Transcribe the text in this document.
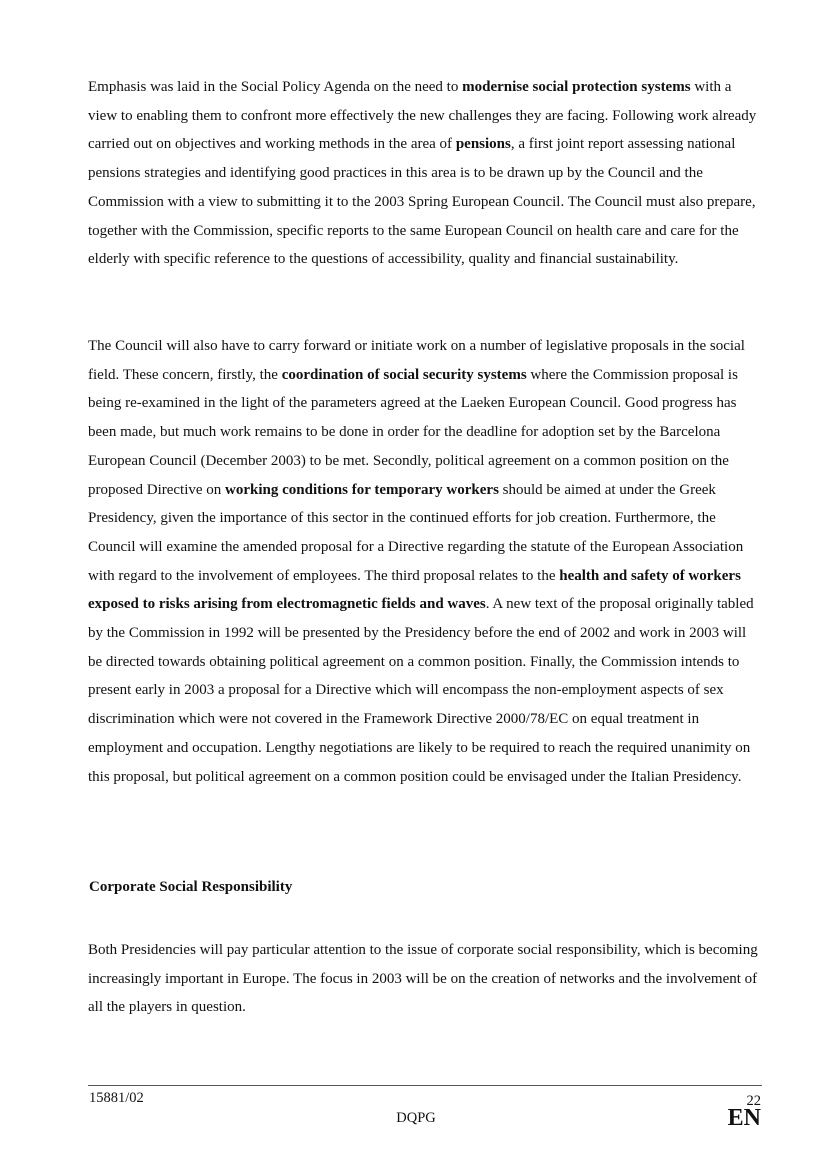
Emphasis was laid in the Social Policy Agenda on the need to modernise social protection systems with a view to enabling them to confront more effectively the new challenges they are facing. Following work already carried out on objectives and working methods in the area of pensions, a first joint report assessing national pensions strategies and identifying good practices in this area is to be drawn up by the Council and the Commission with a view to submitting it to the 2003 Spring European Council. The Council must also prepare, together with the Commission, specific reports to the same European Council on health care and care for the elderly with specific reference to the questions of accessibility, quality and financial sustainability.

The Council will also have to carry forward or initiate work on a number of legislative proposals in the social field. These concern, firstly, the coordination of social security systems where the Commission proposal is being re-examined in the light of the parameters agreed at the Laeken European Council. Good progress has been made, but much work remains to be done in order for the deadline for adoption set by the Barcelona European Council (December 2003) to be met. Secondly, political agreement on a common position on the proposed Directive on working conditions for temporary workers should be aimed at under the Greek Presidency, given the importance of this sector in the continued efforts for job creation. Furthermore, the Council will examine the amended proposal for a Directive regarding the statute of the European Association with regard to the involvement of employees. The third proposal relates to the health and safety of workers exposed to risks arising from electromagnetic fields and waves. A new text of the proposal originally tabled by the Commission in 1992 will be presented by the Presidency before the end of 2002 and work in 2003 will be directed towards obtaining political agreement on a common position. Finally, the Commission intends to present early in 2003 a proposal for a Directive which will encompass the non-employment aspects of sex discrimination which were not covered in the Framework Directive 2000/78/EC on equal treatment in employment and occupation. Lengthy negotiations are likely to be required to reach the required unanimity on this proposal, but political agreement on a common position could be envisaged under the Italian Presidency.

Corporate Social Responsibility

Both Presidencies will pay particular attention to the issue of corporate social responsibility, which is becoming increasingly important in Europe. The focus in 2003 will be on the creation of networks and the involvement of all the players in question.

15881/02
DQPG
22
EN
